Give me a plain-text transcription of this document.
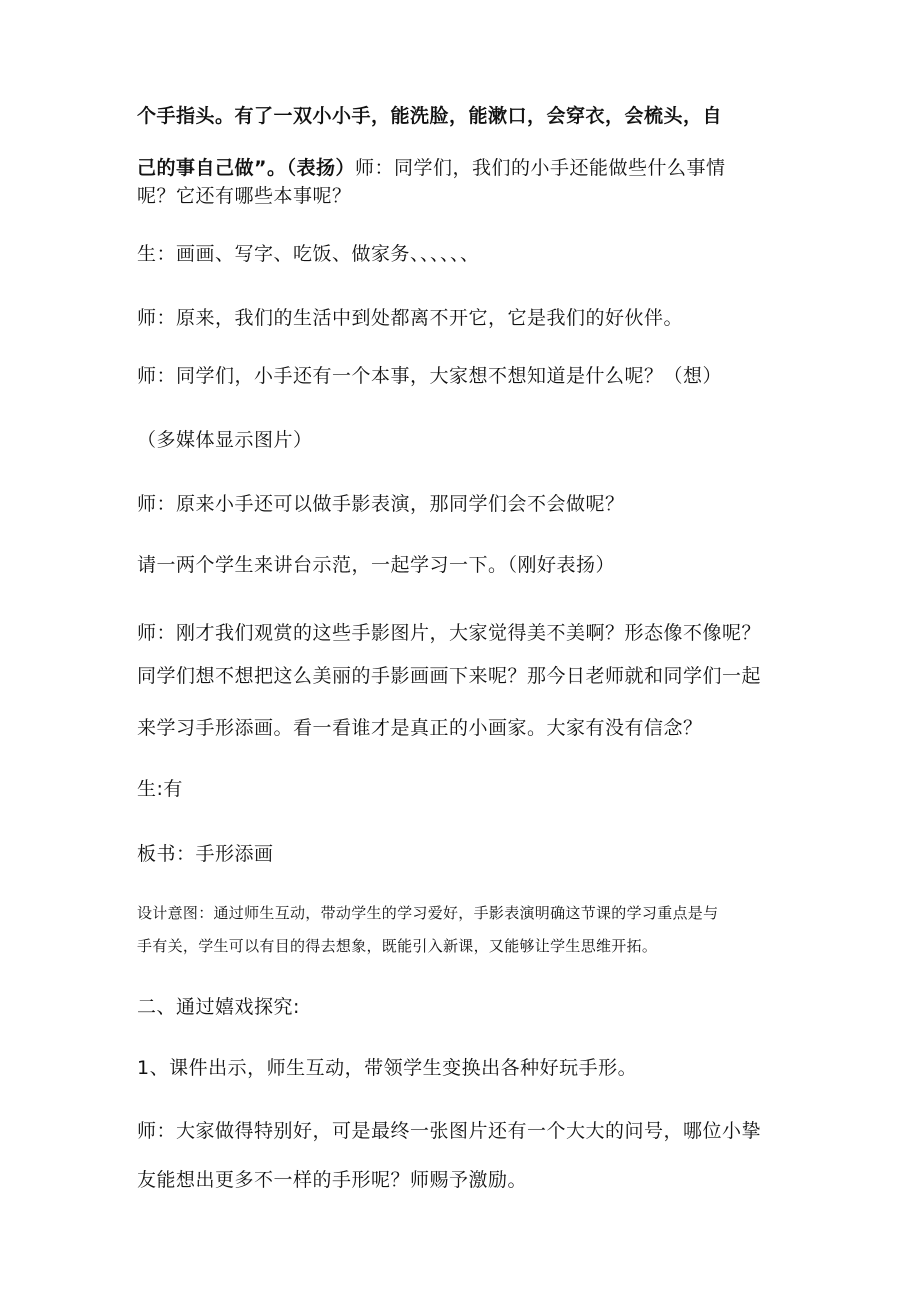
个手指头。有了一双小小手，能洗脸，能漱口，会穿衣，会梳头，自

己的事自己做”。（表扬）师：同学们，我们的小手还能做些什么事情

呢？它还有哪些本事呢？

生：画画、写字、吃饭、做家务、、、、、、

师：原来，我们的生活中到处都离不开它，它是我们的好伙伴。

师：同学们，小手还有一个本事，大家想不想知道是什么呢？（想）

（多媒体显示图片）

师：原来小手还可以做手影表演，那同学们会不会做呢？

请一两个学生来讲台示范，一起学习一下。（刚好表扬）

师：刚才我们观赏的这些手影图片，大家觉得美不美啊？形态像不像呢？

同学们想不想把这么美丽的手影画画下来呢？那今日老师就和同学们一起

来学习手形添画。看一看谁才是真正的小画家。大家有没有信念？

生:有

板书：手形添画

设计意图：通过师生互动，带动学生的学习爱好，手影表演明确这节课的学习重点是与

手有关，学生可以有目的得去想象，既能引入新课，又能够让学生思维开拓。

二、通过嬉戏探究:

1、课件出示，师生互动，带领学生变换出各种好玩手形。

师：大家做得特别好，可是最终一张图片还有一个大大的问号，哪位小挚

友能想出更多不一样的手形呢？师赐予激励。
